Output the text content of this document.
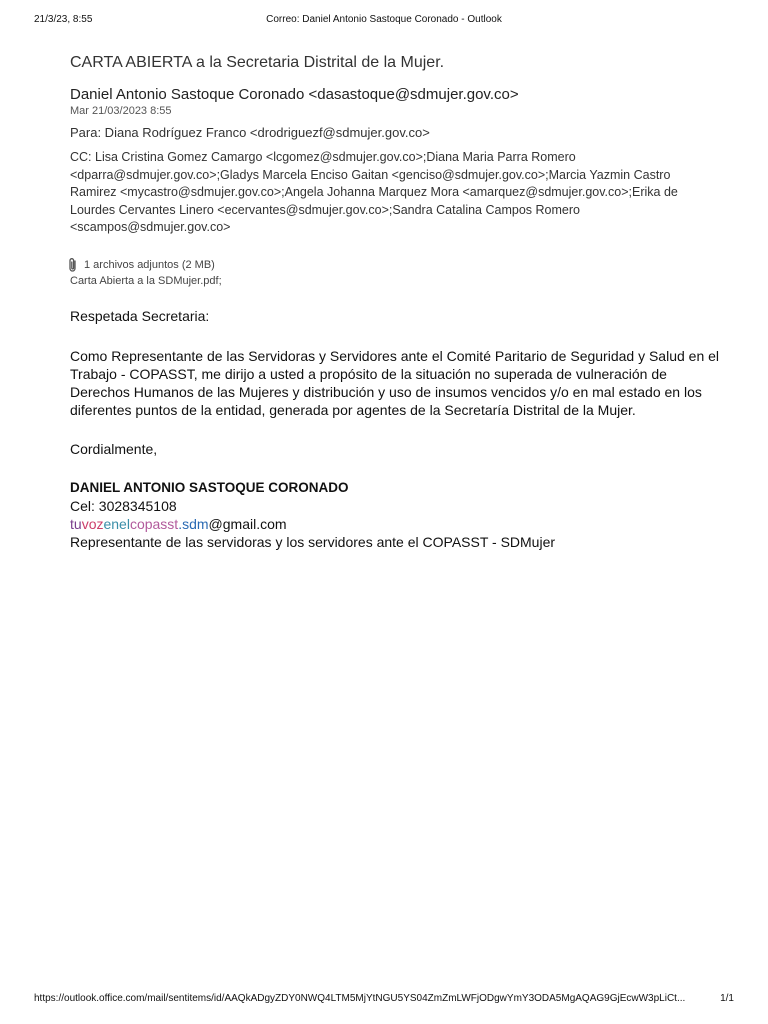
21/3/23, 8:55	Correo: Daniel Antonio Sastoque Coronado - Outlook
CARTA ABIERTA a la Secretaria Distrital de la Mujer.
Daniel Antonio Sastoque Coronado <dasastoque@sdmujer.gov.co>
Mar 21/03/2023 8:55
Para: Diana Rodríguez Franco <drodriguezf@sdmujer.gov.co>
CC: Lisa Cristina Gomez Camargo <lcgomez@sdmujer.gov.co>;Diana Maria Parra Romero <dparra@sdmujer.gov.co>;Gladys Marcela Enciso Gaitan <genciso@sdmujer.gov.co>;Marcia Yazmin Castro Ramirez <mycastro@sdmujer.gov.co>;Angela Johanna Marquez Mora <amarquez@sdmujer.gov.co>;Erika de Lourdes Cervantes Linero <ecervantes@sdmujer.gov.co>;Sandra Catalina Campos Romero <scampos@sdmujer.gov.co>
1 archivos adjuntos (2 MB)
Carta Abierta a la SDMujer.pdf;

Respetada Secretaria:

Como Representante de las Servidoras y Servidores ante el Comité Paritario de Seguridad y Salud en el Trabajo - COPASST, me dirijo a usted a propósito de la situación no superada de vulneración de Derechos Humanos de las Mujeres y distribución y uso de insumos vencidos y/o en mal estado en los diferentes puntos de la entidad, generada por agentes de la Secretaría Distrital de la Mujer.

Cordialmente,

DANIEL ANTONIO SASTOQUE CORONADO

Cel: 3028345108

tuvozenelcopasst.sdm@gmail.com

Representante de las servidoras y los servidores ante el COPASST - SDMujer

https://outlook.office.com/mail/sentitems/id/AAQkADgyZDY0NWQ4LTM5MjYtNGU5YS04ZmZmLWFjODgwYmY3ODA5MgAQAG9GjEcwW3pLiCt...	1/1
